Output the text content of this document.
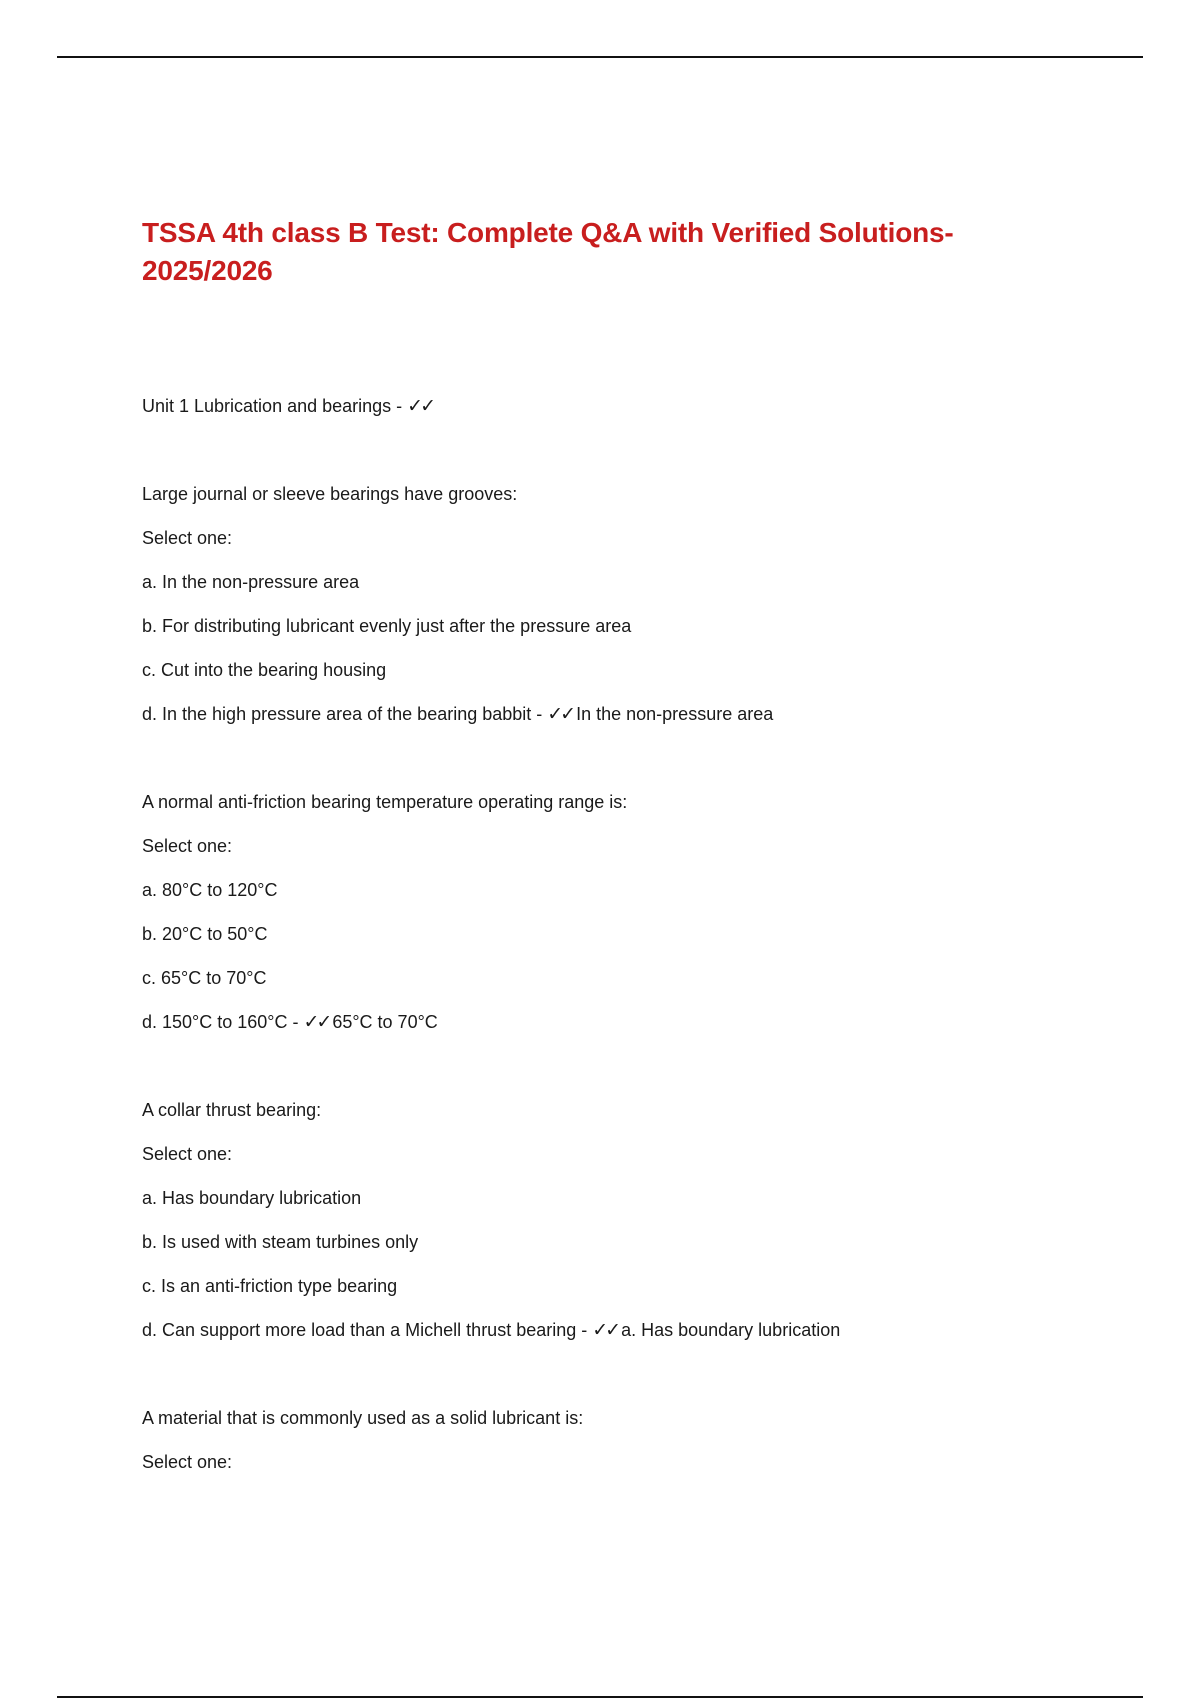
TSSA 4th class B Test: Complete Q&A with Verified Solutions-
2025/2026
Unit 1 Lubrication and bearings - ✓✓
Large journal or sleeve bearings have grooves:
Select one:
a. In the non-pressure area
b. For distributing lubricant evenly just after the pressure area
c. Cut into the bearing housing
d. In the high pressure area of the bearing babbit - ✓✓ In the non-pressure area
A normal anti-friction bearing temperature operating range is:
Select one:
a. 80°C to 120°C
b. 20°C to 50°C
c. 65°C to 70°C
d. 150°C to 160°C - ✓✓ 65°C to 70°C
A collar thrust bearing:
Select one:
a. Has boundary lubrication
b. Is used with steam turbines only
c. Is an anti-friction type bearing
d. Can support more load than a Michell thrust bearing - ✓✓ a. Has boundary lubrication
A material that is commonly used as a solid lubricant is:
Select one:
